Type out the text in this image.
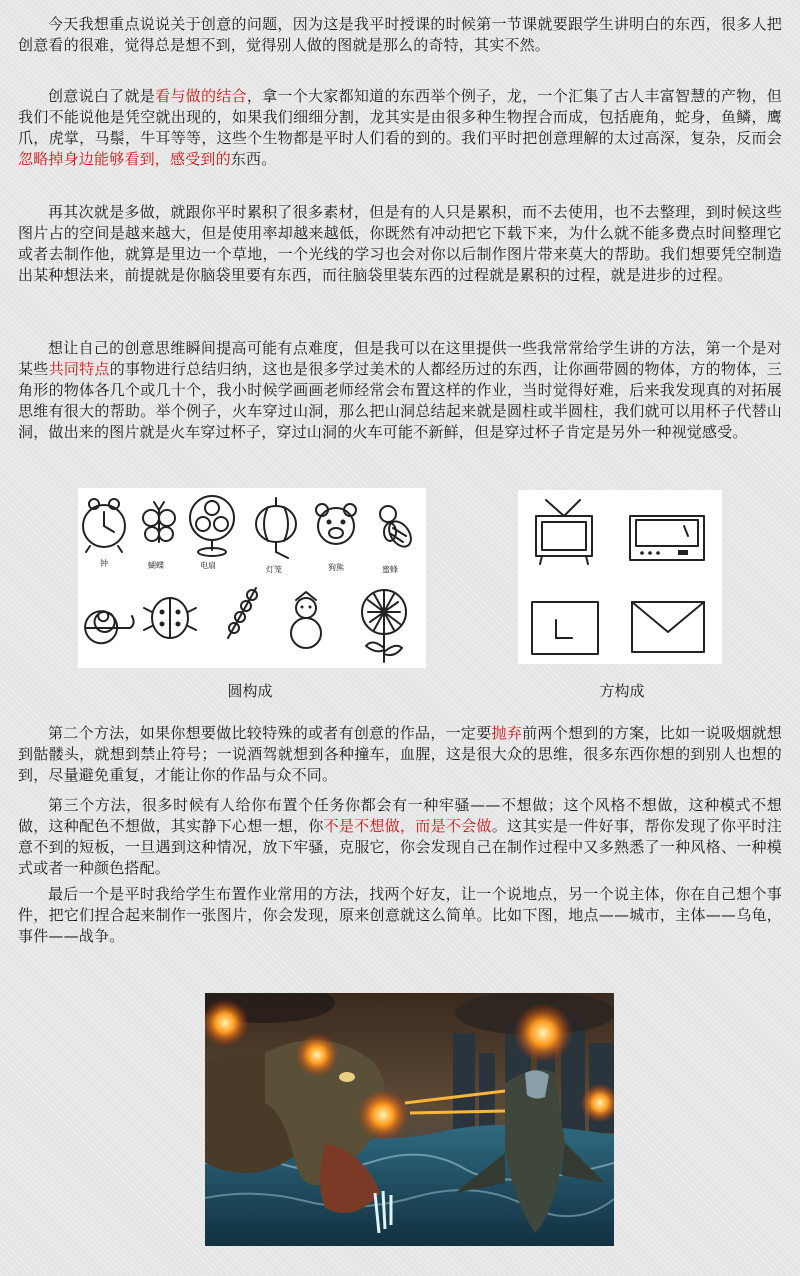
今天我想重点说说关于创意的问题，因为这是我平时授课的时候第一节课就要跟学生讲明白的东西，很多人把创意看的很难，觉得总是想不到，觉得别人做的图就是那么的奇特，其实不然。
创意说白了就是看与做的结合，拿一个大家都知道的东西举个例子，龙，一个汇集了古人丰富智慧的产物，但我们不能说他是凭空就出现的，如果我们细细分割，龙其实是由很多种生物捏合而成，包括鹿角，蛇身，鱼鳞，鹰爪，虎掌，马鬃，牛耳等等，这些个生物都是平时人们看的到的。我们平时把创意理解的太过高深，复杂，反而会忽略掉身边能够看到，感受到的东西。
再其次就是多做，就跟你平时累积了很多素材，但是有的人只是累积，而不去使用，也不去整理，到时候这些图片占的空间是越来越大，但是使用率却越来越低，你既然有冲动把它下载下来，为什么就不能多费点时间整理它或者去制作他，就算是里边一个草地，一个光线的学习也会对你以后制作图片带来莫大的帮助。我们想要凭空制造出某种想法来，前提就是你脑袋里要有东西，而往脑袋里装东西的过程就是累积的过程，就是进步的过程。
想让自己的创意思维瞬间提高可能有点难度，但是我可以在这里提供一些我常常给学生讲的方法，第一个是对某些共同特点的事物进行总结归纳，这也是很多学过美术的人都经历过的东西，让你画带圆的物体，方的物体，三角形的物体各几个或几十个，我小时候学画画老师经常会布置这样的作业，当时觉得好难，后来我发现真的对拓展思维有很大的帮助。举个例子，火车穿过山洞，那么把山洞总结起来就是圆柱或半圆柱，我们就可以用杯子代替山洞，做出来的图片就是火车穿过杯子，穿过山洞的火车可能不新鲜，但是穿过杯子肯定是另外一种视觉感受。
钟	蝴蝶	电扇	灯笼	狗熊	蜜蜂
圆构成	方构成
第二个方法，如果你想要做比较特殊的或者有创意的作品，一定要抛弃前两个想到的方案，比如一说吸烟就想到骷髅头，就想到禁止符号；一说酒驾就想到各种撞车，血腥，这是很大众的思维，很多东西你想的到别人也想的到，尽量避免重复，才能让你的作品与众不同。
第三个方法，很多时候有人给你布置个任务你都会有一种牢骚——不想做；这个风格不想做，这种模式不想做，这种配色不想做，其实静下心想一想，你不是不想做，而是不会做。这其实是一件好事，帮你发现了你平时注意不到的短板，一旦遇到这种情况，放下牢骚，克服它，你会发现自己在制作过程中又多熟悉了一种风格、一种模式或者一种颜色搭配。
最后一个是平时我给学生布置作业常用的方法，找两个好友，让一个说地点，另一个说主体，你在自己想个事件，把它们捏合起来制作一张图片，你会发现，原来创意就这么简单。比如下图，地点——城市，主体——乌龟，事件——战争。
